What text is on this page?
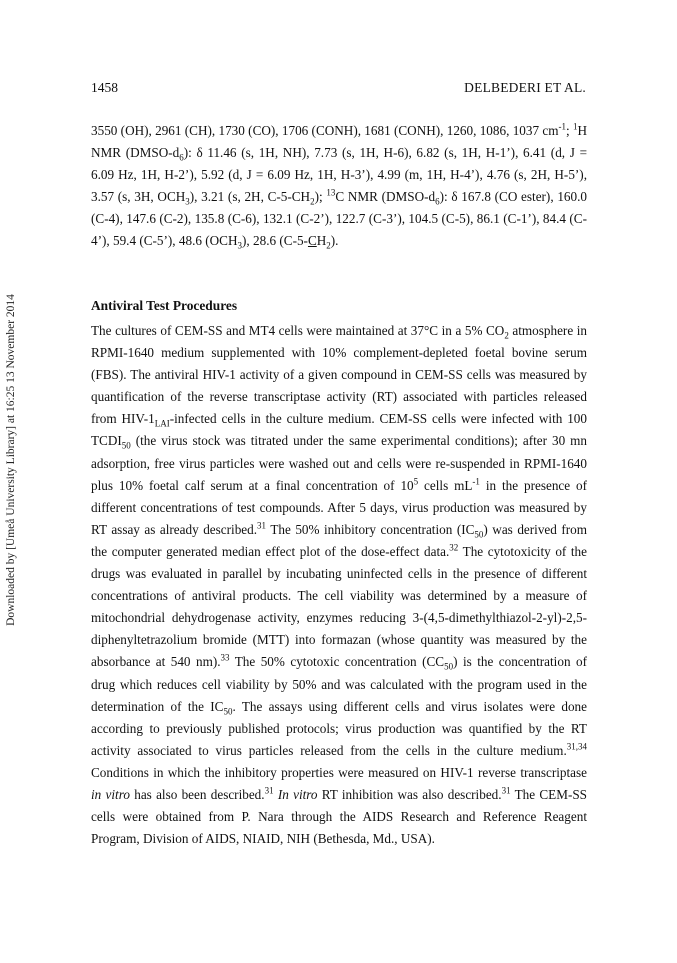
1458	DELBEDERI ET AL.
Downloaded by [Umeå University Library] at 16:25 13 November 2014

3550 (OH), 2961 (CH), 1730 (CO), 1706 (CONH), 1681 (CONH), 1260, 1086, 1037 $cm^{-1}$; $^1$H NMR $(DMSO-d_6)$: δ 11.46 (s, 1H, NH), 7.73 (s, 1H, H-6), 6.82 (s, 1H, H-1’), 6.41 (d, J = 6.09 Hz, 1H, H-2’), 5.92 (d, J = 6.09 Hz, 1H, H-3’), 4.99 (m, 1H, H-4’), 4.76 (s, 2H, H-5’), 3.57 (s, 3H, $OCH_3$), 3.21 (s, 2H, $C-5-CH_2$); $^{13}$C NMR $(DMSO-d_6)$: δ 167.8 (CO ester), 160.0 (C-4), 147.6 (C-2), 135.8 (C-6), 132.1 (C-2’), 122.7 (C-3’), 104.5 (C-5), 86.1 (C-1’), 84.4 (C-4’), 59.4 (C-5’), 48.6 $(OCH_3)$, 28.6 $(C-5-CH_2)$.

Antiviral Test Procedures
The cultures of CEM-SS and MT4 cells were maintained at 37°C in a 5% $CO_2$ atmosphere in RPMI-1640 medium supplemented with 10% complement-depleted foetal bovine serum (FBS). The antiviral HIV-1 activity of a given compound in CEM-SS cells was measured by quantification of the reverse transcriptase activity (RT) associated with particles released from HIV-$1_{LAI}$-infected cells in the culture medium. CEM-SS cells were infected with 100 $TCDI_{50}$ (the virus stock was titrated under the same experimental conditions); after 30 mn adsorption, free virus particles were washed out and cells were re-suspended in RPMI-1640 plus 10% foetal calf serum at a final concentration of $10^5$ cells $mL^{-1}$ in the presence of different concentrations of test compounds. After 5 days, virus production was measured by RT assay as already described.$^{31}$ The 50% inhibitory concentration $(IC_{50})$ was derived from the computer generated median effect plot of the dose-effect data.$^{32}$ The cytotoxicity of the drugs was evaluated in parallel by incubating uninfected cells in the presence of different concentrations of antiviral products. The cell viability was determined by a measure of mitochondrial dehydrogenase activity, enzymes reducing 3-(4,5-dimethylthiazol-2-yl)-2,5-diphenyltetrazolium bromide (MTT) into formazan (whose quantity was measured by the absorbance at 540 nm).$^{33}$ The 50% cytotoxic concentration $(CC_{50})$ is the concentration of drug which reduces cell viability by 50% and was calculated with the program used in the determination of the $IC_{50}$. The assays using different cells and virus isolates were done according to previously published protocols; virus production was quantified by the RT activity associated to virus particles released from the cells in the culture medium.$^{31,34}$ Conditions in which the inhibitory properties were measured on HIV-1 reverse transcriptase in vitro has also been described.$^{31}$ In vitro RT inhibition was also described.$^{31}$ The CEM-SS cells were obtained from P. Nara through the AIDS Research and Reference Reagent Program, Division of AIDS, NIAID, NIH (Bethesda, Md., USA).
